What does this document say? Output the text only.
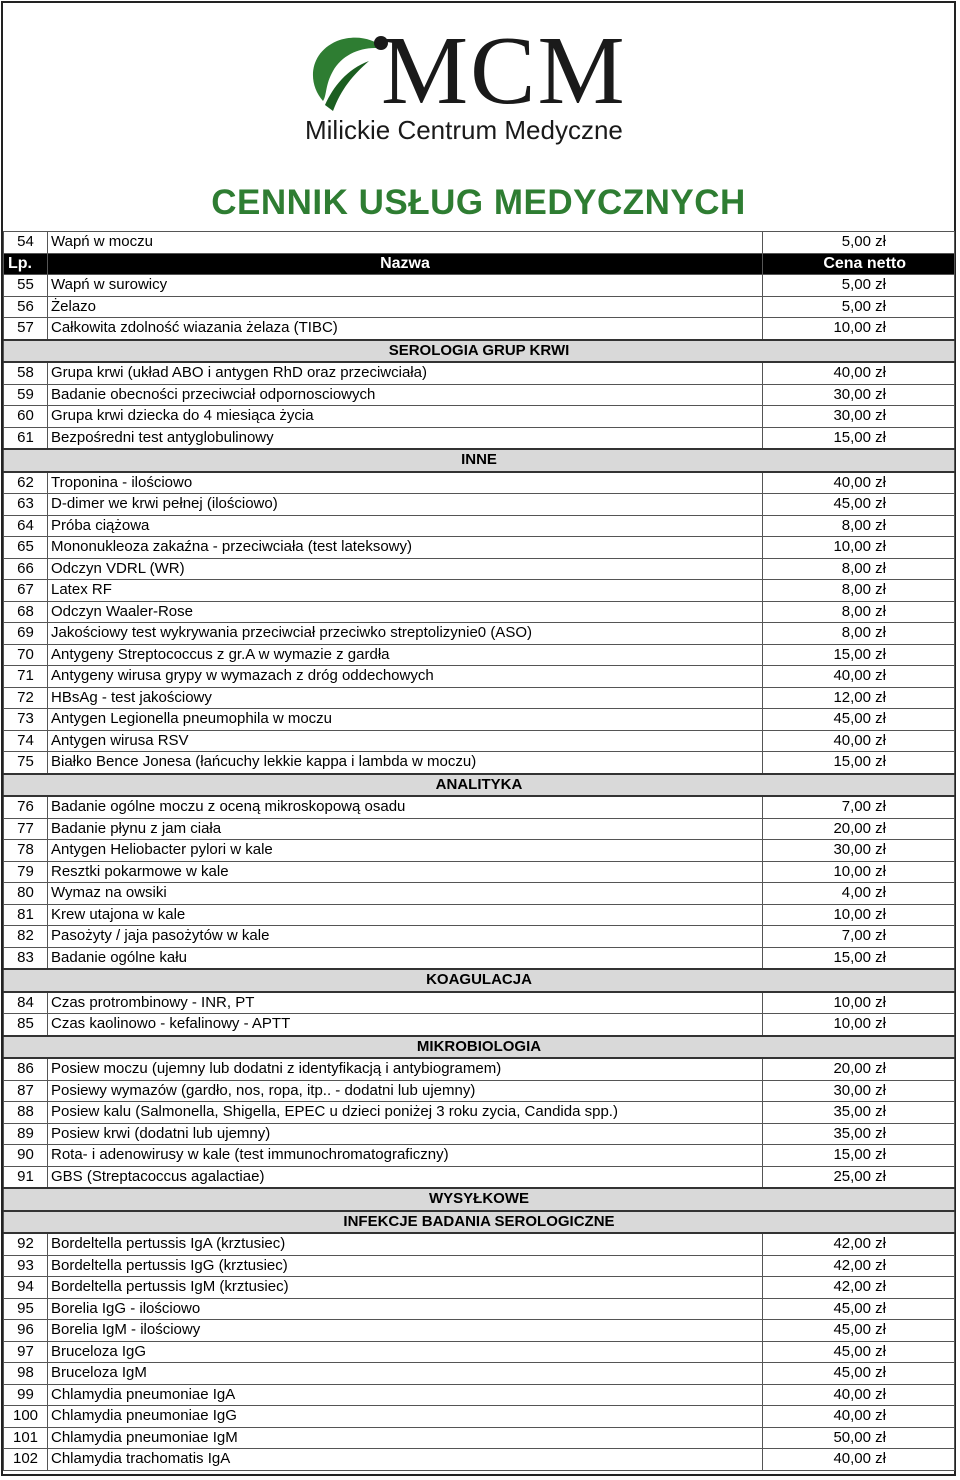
MCM
Milickie Centrum Medyczne
CENNIK USŁUG MEDYCZNYCH
54	Wapń w moczu	5,00 zł
Lp.	Nazwa	Cena netto
55	Wapń w surowicy	5,00 zł
56	Żelazo	5,00 zł
57	Całkowita zdolność wiazania żelaza (TIBC)	10,00 zł
SEROLOGIA GRUP KRWI		
58	Grupa krwi (układ ABO i antygen RhD oraz przeciwciała)	40,00 zł
59	Badanie obecności przeciwciał odpornosciowych	30,00 zł
60	Grupa krwi dziecka do 4 miesiąca życia	30,00 zł
61	Bezpośredni test antyglobulinowy	15,00 zł
INNE		
62	Troponina - ilościowo	40,00 zł
63	D-dimer we krwi pełnej (ilościowo)	45,00 zł
64	Próba ciążowa	8,00 zł
65	Mononukleoza zakaźna - przeciwciała (test lateksowy)	10,00 zł
66	Odczyn VDRL (WR)	8,00 zł
67	Latex RF	8,00 zł
68	Odczyn Waaler-Rose	8,00 zł
69	Jakościowy test wykrywania przeciwciał przeciwko streptolizynie0 (ASO)	8,00 zł
70	Antygeny Streptococcus z gr.A w wymazie z gardła	15,00 zł
71	Antygeny wirusa grypy w wymazach z dróg oddechowych	40,00 zł
72	HBsAg - test jakościowy	12,00 zł
73	Antygen Legionella pneumophila w moczu	45,00 zł
74	Antygen wirusa RSV	40,00 zł
75	Białko Bence Jonesa (łańcuchy lekkie kappa i lambda w moczu)	15,00 zł
ANALITYKA		
76	Badanie ogólne moczu z oceną mikroskopową osadu	7,00 zł
77	Badanie płynu z jam ciała	20,00 zł
78	Antygen Heliobacter pylori w kale	30,00 zł
79	Resztki pokarmowe w kale	10,00 zł
80	Wymaz na owsiki	4,00 zł
81	Krew utajona w kale	10,00 zł
82	Pasożyty / jaja pasożytów w kale	7,00 zł
83	Badanie ogólne kału	15,00 zł
KOAGULACJA		
84	Czas protrombinowy - INR, PT	10,00 zł
85	Czas kaolinowo - kefalinowy - APTT	10,00 zł
MIKROBIOLOGIA		
86	Posiew moczu (ujemny lub dodatni z identyfikacją i antybiogramem)	20,00 zł
87	Posiewy wymazów (gardło, nos, ropa, itp.. - dodatni lub ujemny)	30,00 zł
88	Posiew kalu (Salmonella, Shigella, EPEC u dzieci poniżej 3 roku zycia, Candida spp.)	35,00 zł
89	Posiew krwi (dodatni lub ujemny)	35,00 zł
90	Rota- i adenowirusy w kale (test immunochromatograficzny)	15,00 zł
91	GBS (Streptacoccus agalactiae)	25,00 zł
WYSYŁKOWE		
INFEKCJE BADANIA SEROLOGICZNE		
92	Bordeltella pertussis IgA (krztusiec)	42,00 zł
93	Bordeltella pertussis IgG (krztusiec)	42,00 zł
94	Bordeltella pertussis IgM (krztusiec)	42,00 zł
95	Borelia IgG - ilościowo	45,00 zł
96	Borelia IgM - ilościowy	45,00 zł
97	Bruceloza IgG	45,00 zł
98	Bruceloza IgM	45,00 zł
99	Chlamydia pneumoniae IgA	40,00 zł
100	Chlamydia pneumoniae IgG	40,00 zł
101	Chlamydia pneumoniae IgM	50,00 zł
102	Chlamydia trachomatis IgA	40,00 zł
